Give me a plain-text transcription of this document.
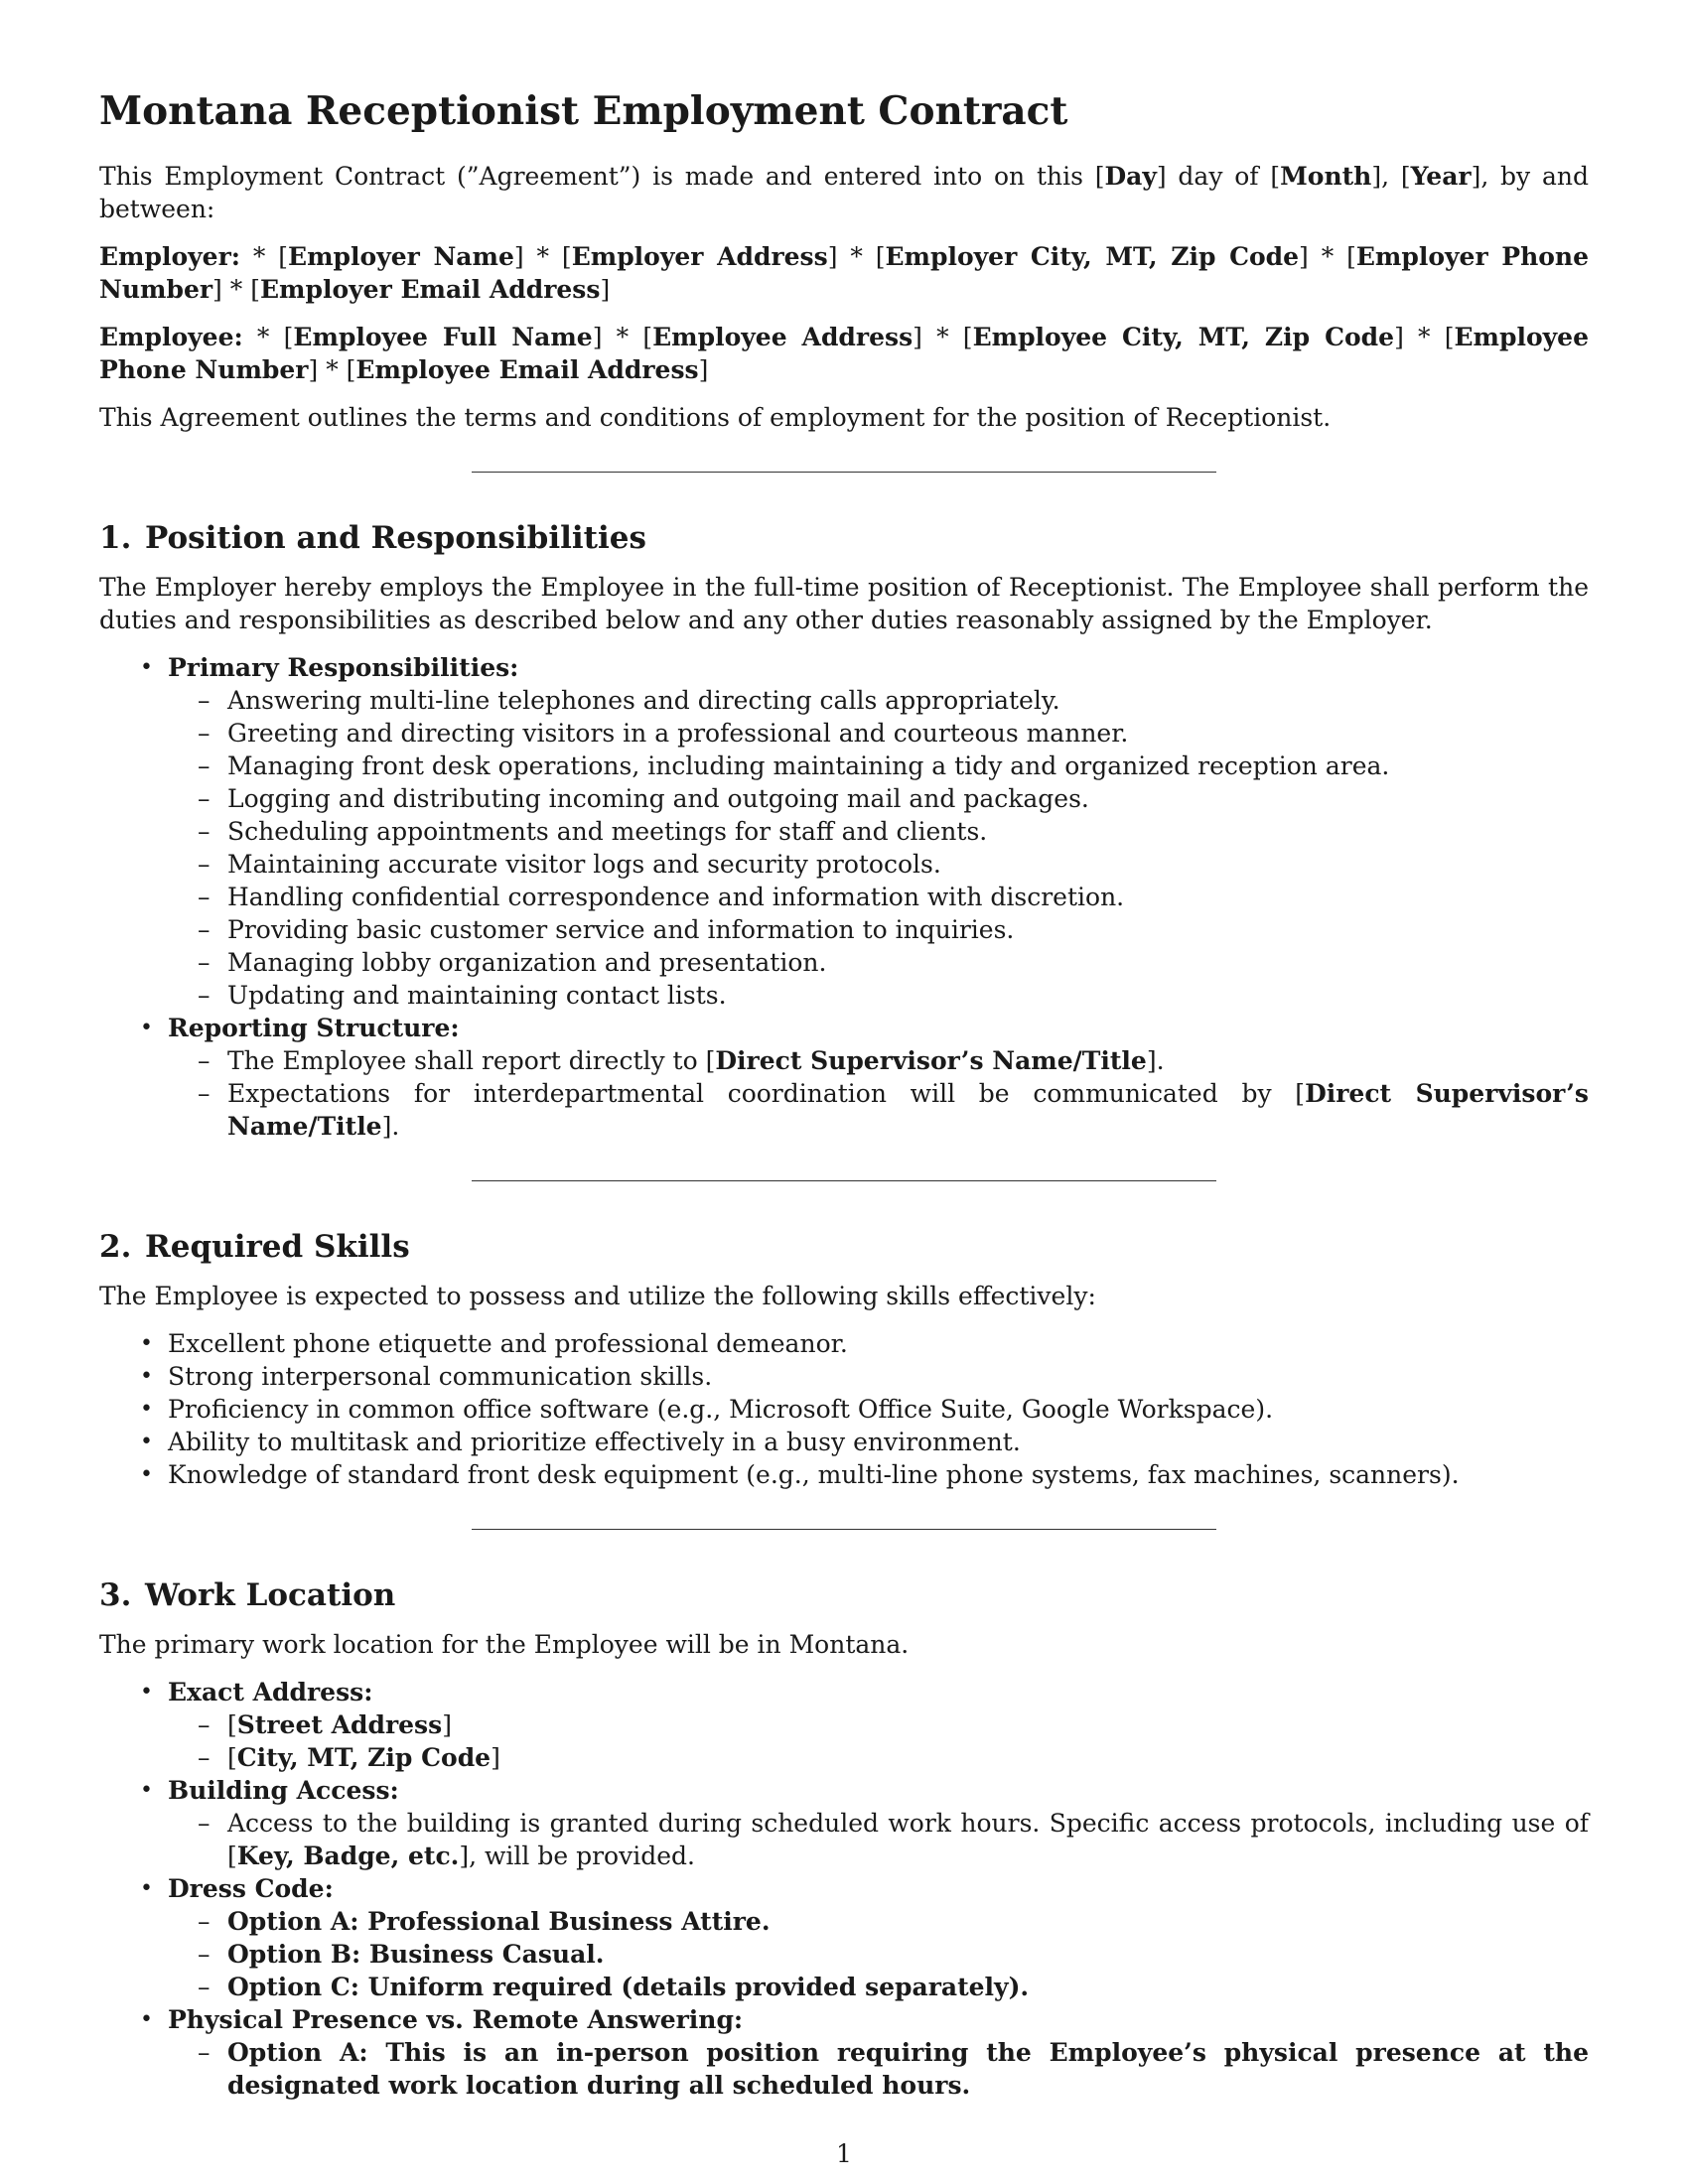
Montana Receptionist Employment Contract

This Employment Contract (”Agreement”) is made and entered into on this [Day] day of [Month], [Year], by and between:

Employer: * [Employer Name] * [Employer Address] * [Employer City, MT, Zip Code] * [Employer Phone Number] * [Employer Email Address]

Employee: * [Employee Full Name] * [Employee Address] * [Employee City, MT, Zip Code] * [Employee Phone Number] * [Employee Email Address]

This Agreement outlines the terms and conditions of employment for the position of Receptionist.

1. Position and Responsibilities

The Employer hereby employs the Employee in the full-time position of Receptionist. The Employee shall perform the duties and responsibilities as described below and any other duties reasonably assigned by the Employer.

• Primary Responsibilities:
– Answering multi-line telephones and directing calls appropriately.
– Greeting and directing visitors in a professional and courteous manner.
– Managing front desk operations, including maintaining a tidy and organized reception area.
– Logging and distributing incoming and outgoing mail and packages.
– Scheduling appointments and meetings for staff and clients.
– Maintaining accurate visitor logs and security protocols.
– Handling confidential correspondence and information with discretion.
– Providing basic customer service and information to inquiries.
– Managing lobby organization and presentation.
– Updating and maintaining contact lists.
• Reporting Structure:
– The Employee shall report directly to [Direct Supervisor’s Name/Title].
– Expectations for interdepartmental coordination will be communicated by [Direct Supervisor’s Name/Title].
2. Required Skills

The Employee is expected to possess and utilize the following skills effectively:

• Excellent phone etiquette and professional demeanor.
• Strong interpersonal communication skills.
• Proficiency in common office software (e.g., Microsoft Office Suite, Google Workspace).
• Ability to multitask and prioritize effectively in a busy environment.
• Knowledge of standard front desk equipment (e.g., multi-line phone systems, fax machines, scanners).
3. Work Location

The primary work location for the Employee will be in Montana.

• Exact Address:
– [Street Address]
– [City, MT, Zip Code]
• Building Access:
– Access to the building is granted during scheduled work hours. Specific access protocols, including use of [Key, Badge, etc.], will be provided.
• Dress Code:
– Option A: Professional Business Attire.
– Option B: Business Casual.
– Option C: Uniform required (details provided separately).
• Physical Presence vs. Remote Answering:
– Option A: This is an in-person position requiring the Employee’s physical presence at the designated work location during all scheduled hours.
1
